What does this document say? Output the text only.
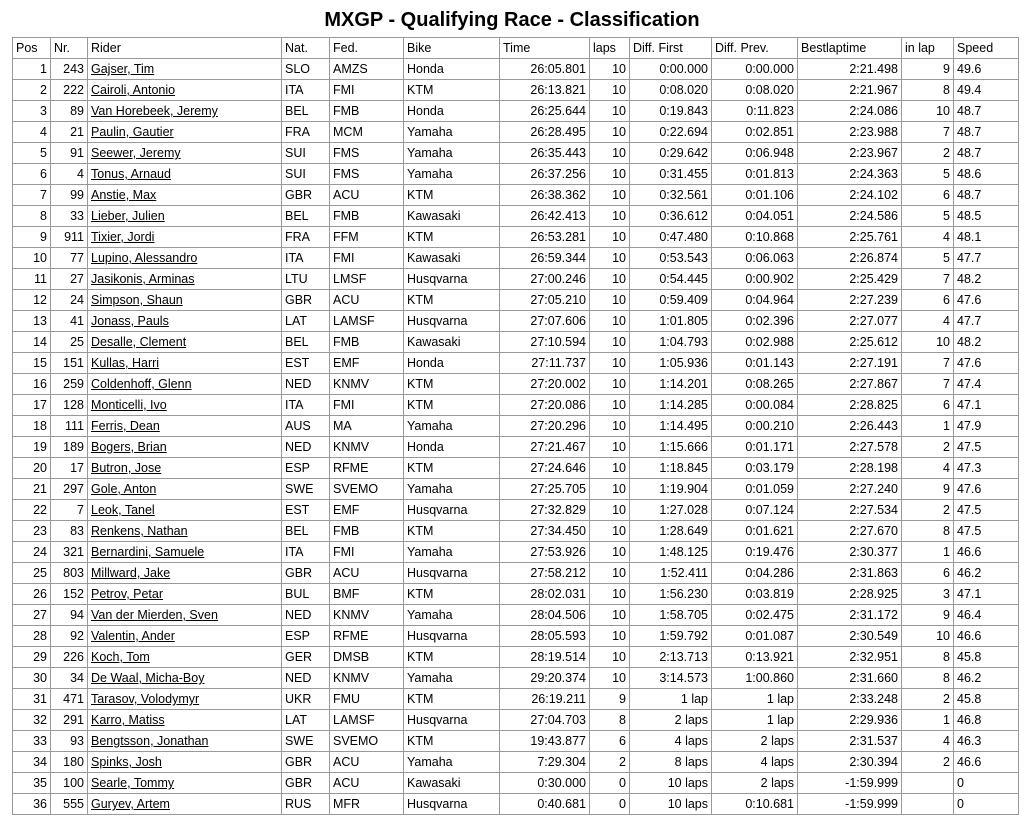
MXGP - Qualifying Race - Classification
Pos	Nr.	Rider	Nat.	Fed.	Bike	Time	laps	Diff. First	Diff. Prev.	Bestlaptime	in lap	Speed
1	243	Gajser, Tim	SLO	AMZS	Honda	26:05.801	10	0:00.000	0:00.000	2:21.498	9	49.6
2	222	Cairoli, Antonio	ITA	FMI	KTM	26:13.821	10	0:08.020	0:08.020	2:21.967	8	49.4
3	89	Van Horebeek, Jeremy	BEL	FMB	Honda	26:25.644	10	0:19.843	0:11.823	2:24.086	10	48.7
4	21	Paulin, Gautier	FRA	MCM	Yamaha	26:28.495	10	0:22.694	0:02.851	2:23.988	7	48.7
5	91	Seewer, Jeremy	SUI	FMS	Yamaha	26:35.443	10	0:29.642	0:06.948	2:23.967	2	48.7
6	4	Tonus, Arnaud	SUI	FMS	Yamaha	26:37.256	10	0:31.455	0:01.813	2:24.363	5	48.6
7	99	Anstie, Max	GBR	ACU	KTM	26:38.362	10	0:32.561	0:01.106	2:24.102	6	48.7
8	33	Lieber, Julien	BEL	FMB	Kawasaki	26:42.413	10	0:36.612	0:04.051	2:24.586	5	48.5
9	911	Tixier, Jordi	FRA	FFM	KTM	26:53.281	10	0:47.480	0:10.868	2:25.761	4	48.1
10	77	Lupino, Alessandro	ITA	FMI	Kawasaki	26:59.344	10	0:53.543	0:06.063	2:26.874	5	47.7
11	27	Jasikonis, Arminas	LTU	LMSF	Husqvarna	27:00.246	10	0:54.445	0:00.902	2:25.429	7	48.2
12	24	Simpson, Shaun	GBR	ACU	KTM	27:05.210	10	0:59.409	0:04.964	2:27.239	6	47.6
13	41	Jonass, Pauls	LAT	LAMSF	Husqvarna	27:07.606	10	1:01.805	0:02.396	2:27.077	4	47.7
14	25	Desalle, Clement	BEL	FMB	Kawasaki	27:10.594	10	1:04.793	0:02.988	2:25.612	10	48.2
15	151	Kullas, Harri	EST	EMF	Honda	27:11.737	10	1:05.936	0:01.143	2:27.191	7	47.6
16	259	Coldenhoff, Glenn	NED	KNMV	KTM	27:20.002	10	1:14.201	0:08.265	2:27.867	7	47.4
17	128	Monticelli, Ivo	ITA	FMI	KTM	27:20.086	10	1:14.285	0:00.084	2:28.825	6	47.1
18	111	Ferris, Dean	AUS	MA	Yamaha	27:20.296	10	1:14.495	0:00.210	2:26.443	1	47.9
19	189	Bogers, Brian	NED	KNMV	Honda	27:21.467	10	1:15.666	0:01.171	2:27.578	2	47.5
20	17	Butron, Jose	ESP	RFME	KTM	27:24.646	10	1:18.845	0:03.179	2:28.198	4	47.3
21	297	Gole, Anton	SWE	SVEMO	Yamaha	27:25.705	10	1:19.904	0:01.059	2:27.240	9	47.6
22	7	Leok, Tanel	EST	EMF	Husqvarna	27:32.829	10	1:27.028	0:07.124	2:27.534	2	47.5
23	83	Renkens, Nathan	BEL	FMB	KTM	27:34.450	10	1:28.649	0:01.621	2:27.670	8	47.5
24	321	Bernardini, Samuele	ITA	FMI	Yamaha	27:53.926	10	1:48.125	0:19.476	2:30.377	1	46.6
25	803	Millward, Jake	GBR	ACU	Husqvarna	27:58.212	10	1:52.411	0:04.286	2:31.863	6	46.2
26	152	Petrov, Petar	BUL	BMF	KTM	28:02.031	10	1:56.230	0:03.819	2:28.925	3	47.1
27	94	Van der Mierden, Sven	NED	KNMV	Yamaha	28:04.506	10	1:58.705	0:02.475	2:31.172	9	46.4
28	92	Valentin, Ander	ESP	RFME	Husqvarna	28:05.593	10	1:59.792	0:01.087	2:30.549	10	46.6
29	226	Koch, Tom	GER	DMSB	KTM	28:19.514	10	2:13.713	0:13.921	2:32.951	8	45.8
30	34	De Waal, Micha-Boy	NED	KNMV	Yamaha	29:20.374	10	3:14.573	1:00.860	2:31.660	8	46.2
31	471	Tarasov, Volodymyr	UKR	FMU	KTM	26:19.211	9	1 lap	1 lap	2:33.248	2	45.8
32	291	Karro, Matiss	LAT	LAMSF	Husqvarna	27:04.703	8	2 laps	1 lap	2:29.936	1	46.8
33	93	Bengtsson, Jonathan	SWE	SVEMO	KTM	19:43.877	6	4 laps	2 laps	2:31.537	4	46.3
34	180	Spinks, Josh	GBR	ACU	Yamaha	7:29.304	2	8 laps	4 laps	2:30.394	2	46.6
35	100	Searle, Tommy	GBR	ACU	Kawasaki	0:30.000	0	10 laps	2 laps	-1:59.999		0
36	555	Guryev, Artem	RUS	MFR	Husqvarna	0:40.681	0	10 laps	0:10.681	-1:59.999		0
